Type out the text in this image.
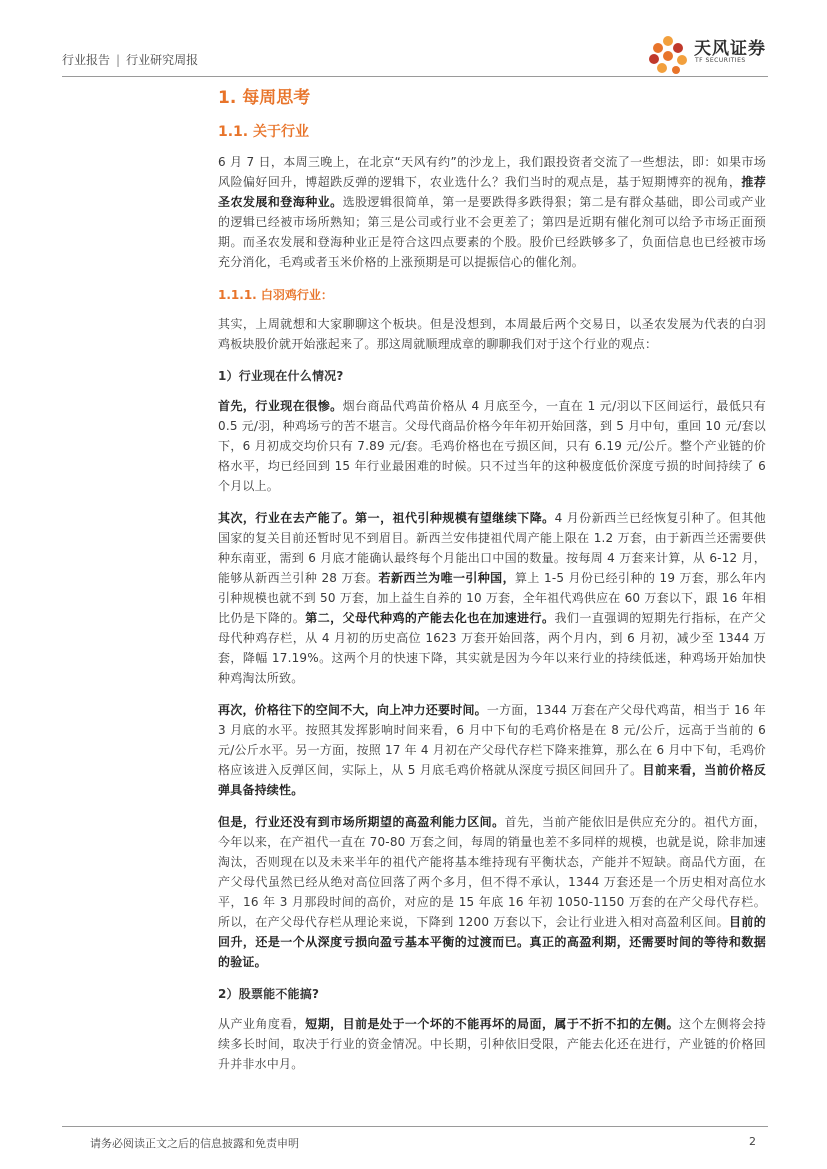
行业报告 | 行业研究周报
天风证券
TF SECURITIES
1. 每周思考
1.1. 关于行业

6 月 7 日，本周三晚上，在北京“天风有约”的沙龙上，我们跟投资者交流了一些想法，即：如果市场风险偏好回升，博超跌反弹的逻辑下，农业选什么？我们当时的观点是，基于短期博弈的视角，推荐圣农发展和登海种业。选股逻辑很简单，第一是要跌得多跌得狠；第二是有群众基础，即公司或产业的逻辑已经被市场所熟知；第三是公司或行业不会更差了；第四是近期有催化剂可以给予市场正面预期。而圣农发展和登海种业正是符合这四点要素的个股。股价已经跌够多了，负面信息也已经被市场充分消化，毛鸡或者玉米价格的上涨预期是可以提振信心的催化剂。

1.1.1. 白羽鸡行业：

其实，上周就想和大家聊聊这个板块。但是没想到，本周最后两个交易日，以圣农发展为代表的白羽鸡板块股价就开始涨起来了。那这周就顺理成章的聊聊我们对于这个行业的观点：

1）行业现在什么情况?

首先，行业现在很惨。烟台商品代鸡苗价格从 4 月底至今，一直在 1 元/羽以下区间运行，最低只有 0.5 元/羽，种鸡场亏的苦不堪言。父母代商品价格今年年初开始回落，到 5 月中旬，重回 10 元/套以下，6 月初成交均价只有 7.89 元/套。毛鸡价格也在亏损区间，只有 6.19 元/公斤。整个产业链的价格水平，均已经回到 15 年行业最困难的时候。只不过当年的这种极度低价深度亏损的时间持续了 6 个月以上。

其次，行业在去产能了。第一，祖代引种规模有望继续下降。4 月份新西兰已经恢复引种了。但其他国家的复关目前还暂时见不到眉目。新西兰安伟捷祖代周产能上限在 1.2 万套，由于新西兰还需要供种东南亚，需到 6 月底才能确认最终每个月能出口中国的数量。按每周 4 万套来计算，从 6-12 月，能够从新西兰引种 28 万套。若新西兰为唯一引种国，算上 1-5 月份已经引种的 19 万套，那么年内引种规模也就不到 50 万套，加上益生自养的 10 万套，全年祖代鸡供应在 60 万套以下，跟 16 年相比仍是下降的。第二，父母代种鸡的产能去化也在加速进行。我们一直强调的短期先行指标，在产父母代种鸡存栏，从 4 月初的历史高位 1623 万套开始回落，两个月内，到 6 月初，减少至 1344 万套，降幅 17.19%。这两个月的快速下降，其实就是因为今年以来行业的持续低迷，种鸡场开始加快种鸡淘汰所致。

再次，价格往下的空间不大，向上冲力还要时间。一方面，1344 万套在产父母代鸡苗，相当于 16 年 3 月底的水平。按照其发挥影响时间来看，6 月中下旬的毛鸡价格是在 8 元/公斤，远高于当前的 6 元/公斤水平。另一方面，按照 17 年 4 月初在产父母代存栏下降来推算，那么在 6 月中下旬，毛鸡价格应该进入反弹区间，实际上，从 5 月底毛鸡价格就从深度亏损区间回升了。目前来看，当前价格反弹具备持续性。

但是，行业还没有到市场所期望的高盈利能力区间。首先，当前产能依旧是供应充分的。祖代方面，今年以来，在产祖代一直在 70-80 万套之间，每周的销量也差不多同样的规模，也就是说，除非加速淘汰，否则现在以及未来半年的祖代产能将基本维持现有平衡状态，产能并不短缺。商品代方面，在产父母代虽然已经从绝对高位回落了两个多月，但不得不承认，1344 万套还是一个历史相对高位水平，16 年 3 月那段时间的高价，对应的是 15 年底 16 年初 1050-1150 万套的在产父母代存栏。所以，在产父母代存栏从理论来说，下降到 1200 万套以下，会让行业进入相对高盈利区间。目前的回升，还是一个从深度亏损向盈亏基本平衡的过渡而已。真正的高盈利期，还需要时间的等待和数据的验证。

2）股票能不能搞?

从产业角度看，短期，目前是处于一个坏的不能再坏的局面，属于不折不扣的左侧。这个左侧将会持续多长时间，取决于行业的资金情况。中长期，引种依旧受限，产能去化还在进行，产业链的价格回升并非水中月。

请务必阅读正文之后的信息披露和免责申明	2
